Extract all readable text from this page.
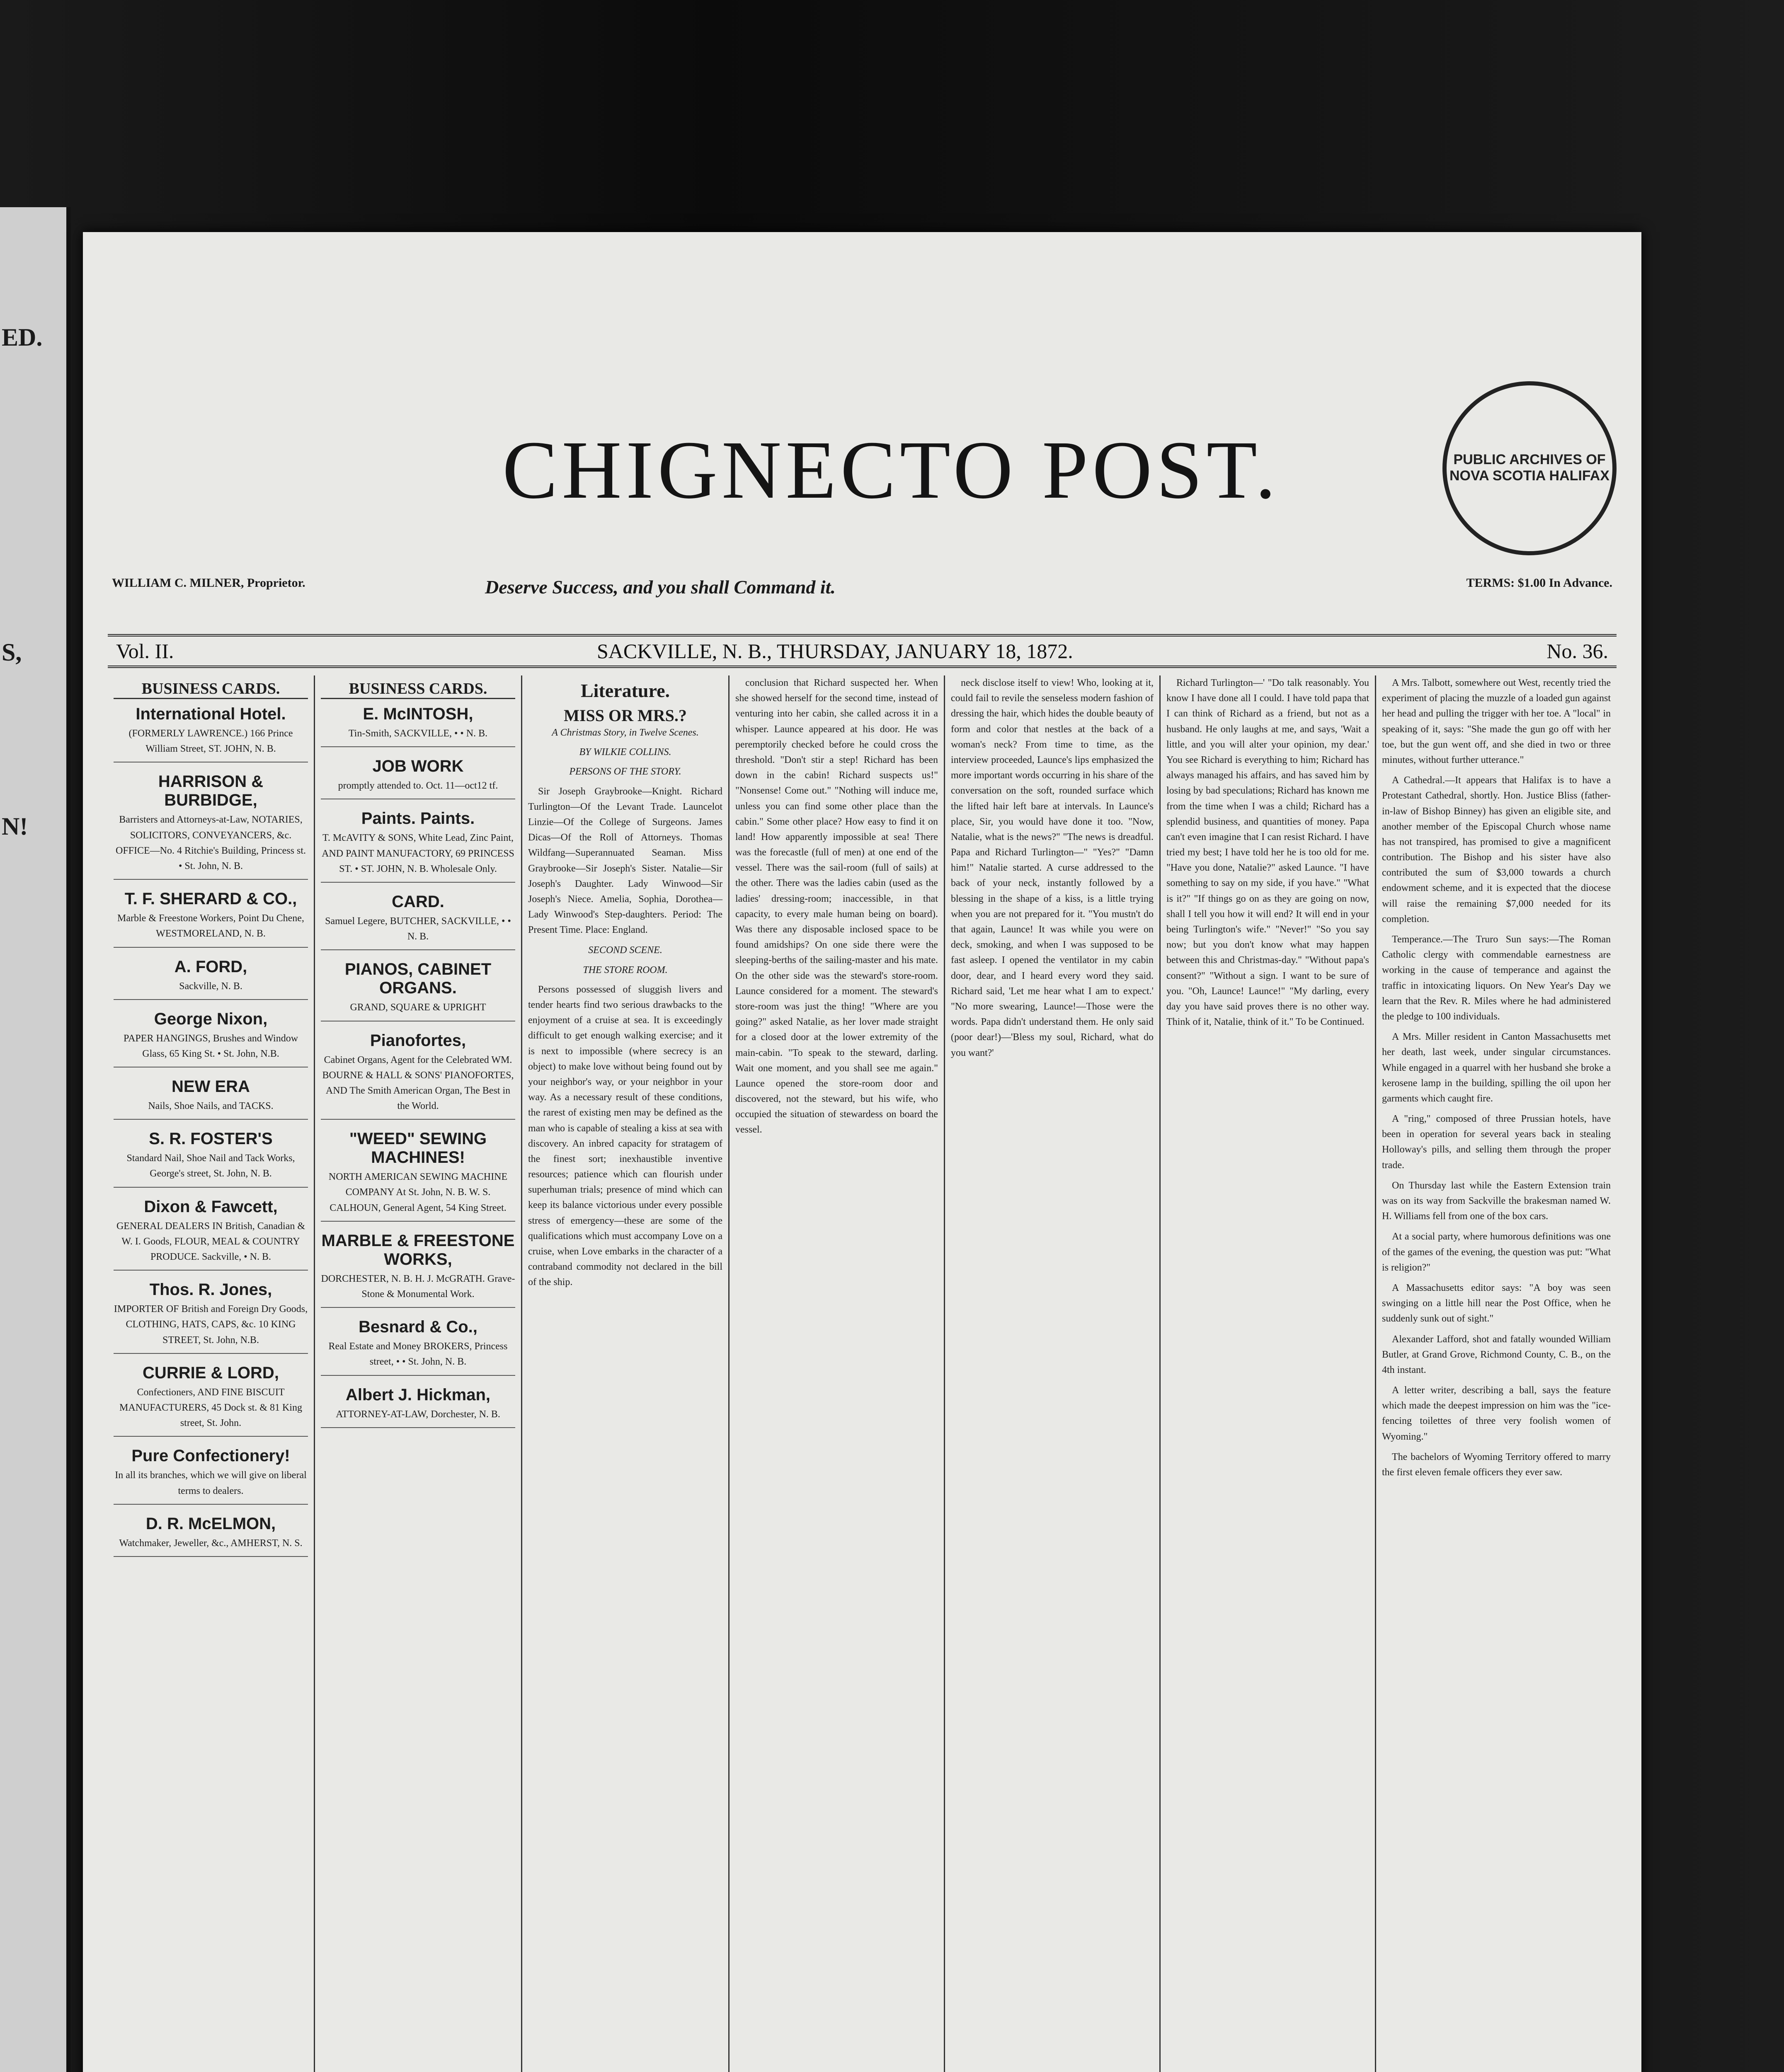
ED.
S,
N!
CHIGNECTO POST.	PUBLIC ARCHIVES OF NOVA SCOTIA HALIFAX
WILLIAM C. MILNER, Proprietor.	Deserve Success, and you shall Command it.	TERMS: $1.00 In Advance.
Vol. II.	SACKVILLE, N. B., THURSDAY, JANUARY 18, 1872.	No. 36.
BUSINESS CARDS.
International Hotel.
(FORMERLY LAWRENCE.) 166 Prince William Street, ST. JOHN, N. B.
HARRISON & BURBIDGE,
Barristers and Attorneys-at-Law, NOTARIES, SOLICITORS, CONVEYANCERS, &c. OFFICE—No. 4 Ritchie's Building, Princess st. • St. John, N. B.
T. F. SHERARD & CO.,
Marble & Freestone Workers, Point Du Chene, WESTMORELAND, N. B.
A. FORD,
Sackville, N. B.
George Nixon,
PAPER HANGINGS, Brushes and Window Glass, 65 King St. • St. John, N.B.
NEW ERA
Nails, Shoe Nails, and TACKS.
S. R. FOSTER'S
Standard Nail, Shoe Nail and Tack Works, George's street, St. John, N. B.
Dixon & Fawcett,
GENERAL DEALERS IN British, Canadian & W. I. Goods, FLOUR, MEAL & COUNTRY PRODUCE. Sackville, • N. B.
Thos. R. Jones,
IMPORTER OF British and Foreign Dry Goods, CLOTHING, HATS, CAPS, &c. 10 KING STREET, St. John, N.B.
CURRIE & LORD,
Confectioners, AND FINE BISCUIT MANUFACTURERS, 45 Dock st. & 81 King street, St. John.
Pure Confectionery!
In all its branches, which we will give on liberal terms to dealers.
D. R. McELMON,
Watchmaker, Jeweller, &c., AMHERST, N. S.
BUSINESS CARDS.
E. McINTOSH,
Tin-Smith, SACKVILLE, • • N. B.
JOB WORK
promptly attended to. Oct. 11—oct12 tf.
Paints. Paints.
T. McAVITY & SONS, White Lead, Zinc Paint, AND PAINT MANUFACTORY, 69 PRINCESS ST. • ST. JOHN, N. B. Wholesale Only.
CARD.
Samuel Legere, BUTCHER, SACKVILLE, • • N. B.
PIANOS, CABINET ORGANS.
GRAND, SQUARE & UPRIGHT
Pianofortes,
Cabinet Organs, Agent for the Celebrated WM. BOURNE & HALL & SONS' PIANOFORTES, AND The Smith American Organ, The Best in the World.
"WEED" SEWING MACHINES!
NORTH AMERICAN SEWING MACHINE COMPANY At St. John, N. B. W. S. CALHOUN, General Agent, 54 King Street.
MARBLE & FREESTONE WORKS,
DORCHESTER, N. B. H. J. McGRATH. Grave-Stone & Monumental Work.
Besnard & Co.,
Real Estate and Money BROKERS, Princess street, • • St. John, N. B.
Albert J. Hickman,
ATTORNEY-AT-LAW, Dorchester, N. B.
Literature.
MISS OR MRS.?
A Christmas Story, in Twelve Scenes.
BY WILKIE COLLINS.
PERSONS OF THE STORY.

Sir Joseph Graybrooke—Knight. Richard Turlington—Of the Levant Trade. Launcelot Linzie—Of the College of Surgeons. James Dicas—Of the Roll of Attorneys. Thomas Wildfang—Superannuated Seaman. Miss Graybrooke—Sir Joseph's Sister. Natalie—Sir Joseph's Daughter. Lady Winwood—Sir Joseph's Niece. Amelia, Sophia, Dorothea—Lady Winwood's Step-daughters. Period: The Present Time. Place: England.

SECOND SCENE.
THE STORE ROOM.

Persons possessed of sluggish livers and tender hearts find two serious drawbacks to the enjoyment of a cruise at sea. It is exceedingly difficult to get enough walking exercise; and it is next to impossible (where secrecy is an object) to make love without being found out by your neighbor's way, or your neighbor in your way. As a necessary result of these conditions, the rarest of existing men may be defined as the man who is capable of stealing a kiss at sea with discovery. An inbred capacity for stratagem of the finest sort; inexhaustible inventive resources; patience which can flourish under superhuman trials; presence of mind which can keep its balance victorious under every possible stress of emergency—these are some of the qualifications which must accompany Love on a cruise, when Love embarks in the character of a contraband commodity not declared in the bill of the ship.

conclusion that Richard suspected her. When she showed herself for the second time, instead of venturing into her cabin, she called across it in a whisper. Launce appeared at his door. He was peremptorily checked before he could cross the threshold. "Don't stir a step! Richard has been down in the cabin! Richard suspects us!" "Nonsense! Come out." "Nothing will induce me, unless you can find some other place than the cabin." Some other place? How easy to find it on land! How apparently impossible at sea! There was the forecastle (full of men) at one end of the vessel. There was the sail-room (full of sails) at the other. There was the ladies cabin (used as the ladies' dressing-room; inaccessible, in that capacity, to every male human being on board). Was there any disposable inclosed space to be found amidships? On one side there were the sleeping-berths of the sailing-master and his mate. On the other side was the steward's store-room. Launce considered for a moment. The steward's store-room was just the thing! "Where are you going?" asked Natalie, as her lover made straight for a closed door at the lower extremity of the main-cabin. "To speak to the steward, darling. Wait one moment, and you shall see me again." Launce opened the store-room door and discovered, not the steward, but his wife, who occupied the situation of stewardess on board the vessel.

neck disclose itself to view! Who, looking at it, could fail to revile the senseless modern fashion of dressing the hair, which hides the double beauty of form and color that nestles at the back of a woman's neck? From time to time, as the interview proceeded, Launce's lips emphasized the more important words occurring in his share of the conversation on the soft, rounded surface which the lifted hair left bare at intervals. In Launce's place, Sir, you would have done it too. "Now, Natalie, what is the news?" "The news is dreadful. Papa and Richard Turlington—" "Yes?" "Damn him!" Natalie started. A curse addressed to the back of your neck, instantly followed by a blessing in the shape of a kiss, is a little trying when you are not prepared for it. "You mustn't do that again, Launce! It was while you were on deck, smoking, and when I was supposed to be fast asleep. I opened the ventilator in my cabin door, dear, and I heard every word they said. Richard said, 'Let me hear what I am to expect.' "No more swearing, Launce!—Those were the words. Papa didn't understand them. He only said (poor dear!)—'Bless my soul, Richard, what do you want?'

Richard Turlington—' "Do talk reasonably. You know I have done all I could. I have told papa that I can think of Richard as a friend, but not as a husband. He only laughs at me, and says, 'Wait a little, and you will alter your opinion, my dear.' You see Richard is everything to him; Richard has always managed his affairs, and has saved him by losing by bad speculations; Richard has known me from the time when I was a child; Richard has a splendid business, and quantities of money. Papa can't even imagine that I can resist Richard. I have tried my best; I have told her he is too old for me. "Have you done, Natalie?" asked Launce. "I have something to say on my side, if you have." "What is it?" "If things go on as they are going on now, shall I tell you how it will end? It will end in your being Turlington's wife." "Never!" "So you say now; but you don't know what may happen between this and Christmas-day." "Without papa's consent?" "Without a sign. I want to be sure of you. "Oh, Launce! Launce!" "My darling, every day you have said proves there is no other way. Think of it, Natalie, think of it." To be Continued.

A Mrs. Talbott, somewhere out West, recently tried the experiment of placing the muzzle of a loaded gun against her head and pulling the trigger with her toe. A "local" in speaking of it, says: "She made the gun go off with her toe, but the gun went off, and she died in two or three minutes, without further utterance."

A Cathedral.—It appears that Halifax is to have a Protestant Cathedral, shortly. Hon. Justice Bliss (father-in-law of Bishop Binney) has given an eligible site, and another member of the Episcopal Church whose name has not transpired, has promised to give a magnificent contribution. The Bishop and his sister have also contributed the sum of $3,000 towards a church endowment scheme, and it is expected that the diocese will raise the remaining $7,000 needed for its completion.

Temperance.—The Truro Sun says:—The Roman Catholic clergy with commendable earnestness are working in the cause of temperance and against the traffic in intoxicating liquors. On New Year's Day we learn that the Rev. R. Miles where he had administered the pledge to 100 individuals.

A Mrs. Miller resident in Canton Massachusetts met her death, last week, under singular circumstances. While engaged in a quarrel with her husband she broke a kerosene lamp in the building, spilling the oil upon her garments which caught fire.

A "ring," composed of three Prussian hotels, have been in operation for several years back in stealing Holloway's pills, and selling them through the proper trade.

On Thursday last while the Eastern Extension train was on its way from Sackville the brakesman named W. H. Williams fell from one of the box cars.

At a social party, where humorous definitions was one of the games of the evening, the question was put: "What is religion?"

A Massachusetts editor says: "A boy was seen swinging on a little hill near the Post Office, when he suddenly sunk out of sight."

Alexander Lafford, shot and fatally wounded William Butler, at Grand Grove, Richmond County, C. B., on the 4th instant.

A letter writer, describing a ball, says the feature which made the deepest impression on him was the "ice-fencing toilettes of three very foolish women of Wyoming."

The bachelors of Wyoming Territory offered to marry the first eleven female officers they ever saw.
